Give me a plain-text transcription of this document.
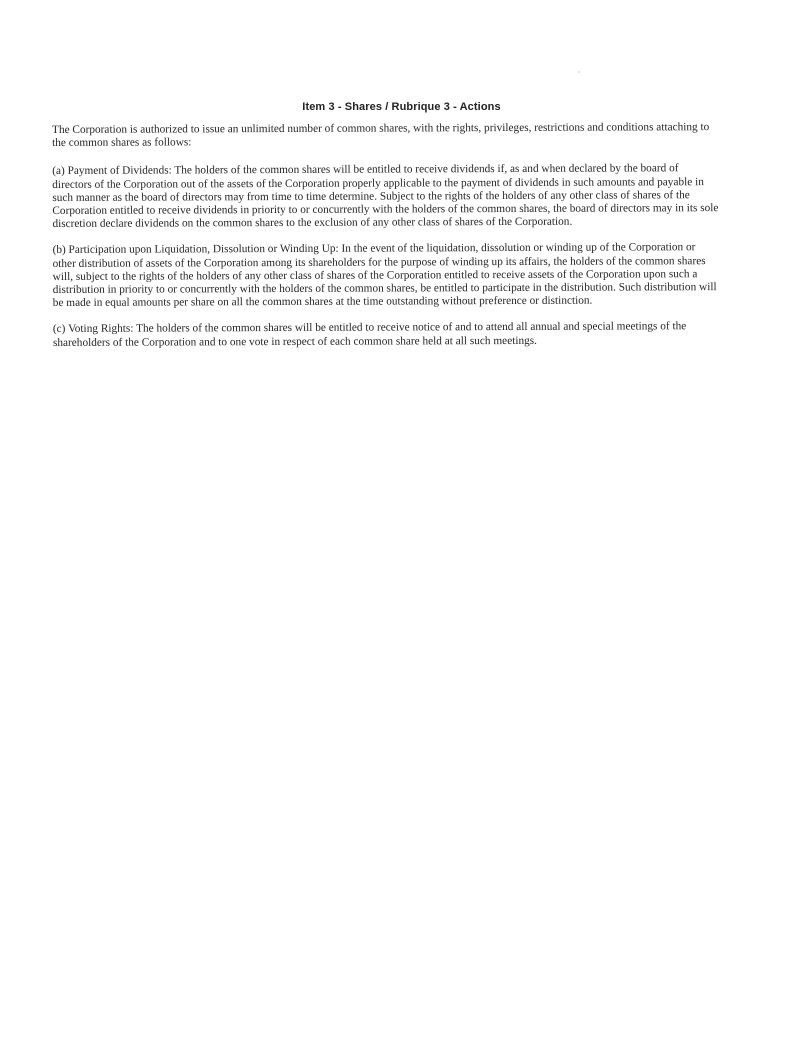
Item 3 - Shares / Rubrique 3 - Actions

The Corporation is authorized to issue an unlimited number of common shares, with the rights, privileges, restrictions and conditions attaching to the common shares as follows:

(a) Payment of Dividends: The holders of the common shares will be entitled to receive dividends if, as and when declared by the board of directors of the Corporation out of the assets of the Corporation properly applicable to the payment of dividends in such amounts and payable in such manner as the board of directors may from time to time determine. Subject to the rights of the holders of any other class of shares of the Corporation entitled to receive dividends in priority to or concurrently with the holders of the common shares, the board of directors may in its sole discretion declare dividends on the common shares to the exclusion of any other class of shares of the Corporation.

(b) Participation upon Liquidation, Dissolution or Winding Up: In the event of the liquidation, dissolution or winding up of the Corporation or other distribution of assets of the Corporation among its shareholders for the purpose of winding up its affairs, the holders of the common shares will, subject to the rights of the holders of any other class of shares of the Corporation entitled to receive assets of the Corporation upon such a distribution in priority to or concurrently with the holders of the common shares, be entitled to participate in the distribution. Such distribution will be made in equal amounts per share on all the common shares at the time outstanding without preference or distinction.

(c) Voting Rights: The holders of the common shares will be entitled to receive notice of and to attend all annual and special meetings of the shareholders of the Corporation and to one vote in respect of each common share held at all such meetings.
